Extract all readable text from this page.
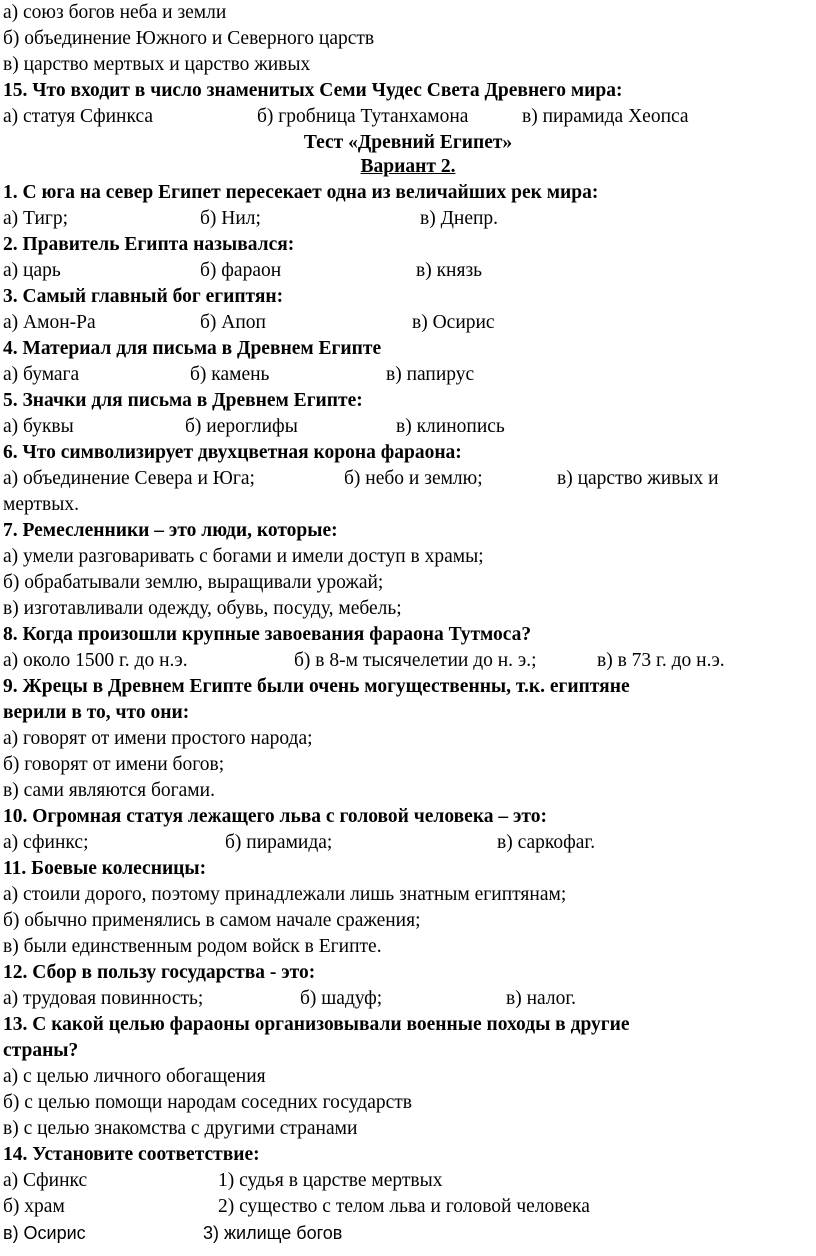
а) союз богов неба и земли
б) объединение Южного и Северного царств
в) царство мертвых и царство живых
15. Что входит в число знаменитых Семи Чудес Света Древнего мира:
а) статуя Сфинкса	б) гробница Тутанхамона	в) пирамида Хеопса
Тест «Древний Египет»
Вариант 2.
1. С юга на север Египет пересекает одна из величайших рек мира:
а) Тигр;	б) Нил;	в) Днепр.
2. Правитель Египта назывался:
а) царь	б) фараон	в) князь
3. Самый главный бог египтян:
а) Амон-Ра	б) Апоп	в) Осирис
4. Материал для письма в Древнем Египте
а) бумага	б) камень	в) папирус
5. Значки для письма в Древнем Египте:
а) буквы	б) иероглифы	в) клинопись
6. Что символизирует двухцветная корона фараона:
а) объединение Севера и Юга;	б) небо и землю;	в) царство живых и
мертвых.
7. Ремесленники – это люди, которые:
а) умели разговаривать с богами и имели доступ в храмы;
б) обрабатывали землю, выращивали урожай;
в) изготавливали одежду, обувь, посуду, мебель;
8. Когда произошли крупные завоевания фараона Тутмоса?
а) около 1500 г. до н.э.	б) в 8-м тысячелетии до н. э.;	в) в 73 г. до н.э.
9. Жрецы в Древнем Египте были очень могущественны, т.к. египтяне
верили в то, что они:
а) говорят от имени простого народа;
б) говорят от имени богов;
в) сами являются богами.
10. Огромная статуя лежащего льва с головой человека – это:
а) сфинкс;	б) пирамида;	в) саркофаг.
11. Боевые колесницы:
а) стоили дорого, поэтому принадлежали лишь знатным египтянам;
б) обычно применялись в самом начале сражения;
в) были единственным родом войск в Египте.
12. Сбор в пользу государства - это:
а) трудовая повинность;	б) шадуф;	в) налог.
13. С какой целью фараоны организовывали военные походы в другие
страны?
а) с целью личного обогащения
б) с целью помощи народам соседних государств
в) с целью знакомства с другими странами
14. Установите соответствие:
а) Сфинкс	1) судья в царстве мертвых
б) храм	2) существо с телом льва и головой человека
в) Осирис	3) жилище богов
